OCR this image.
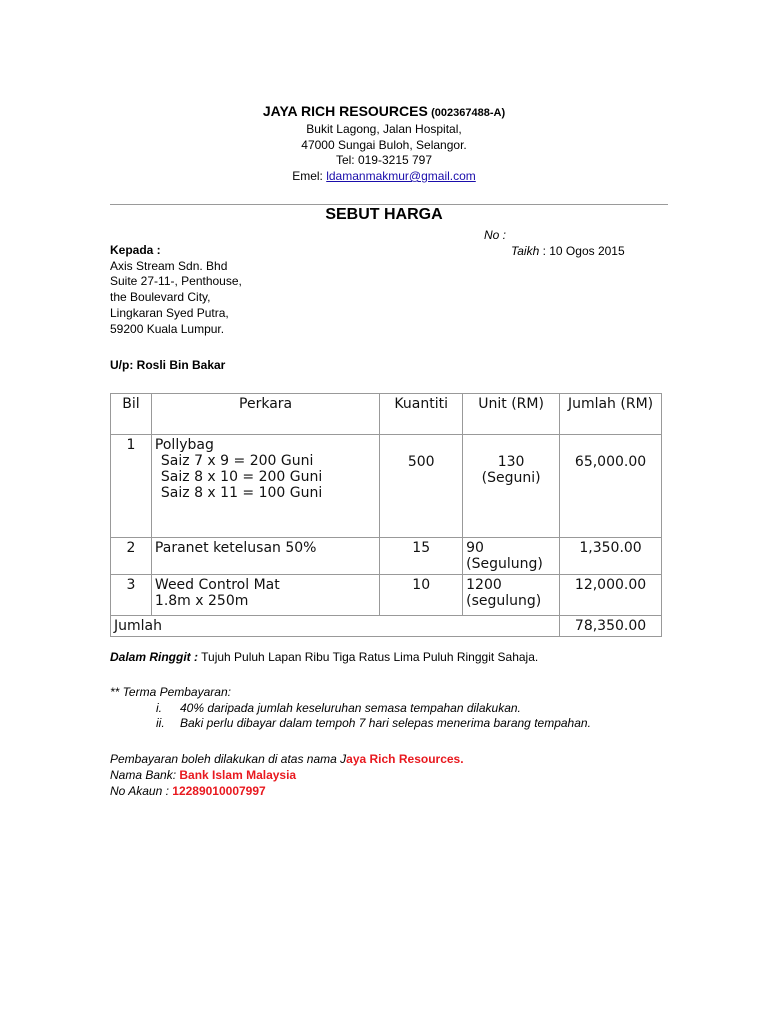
JAYA RICH RESOURCES (002367488-A)
Bukit Lagong, Jalan Hospital,
47000 Sungai Buloh, Selangor.
Tel: 019-3215 797
Emel: ldamanmakmur@gmail.com
SEBUT HARGA
No :
Taikh : 10 Ogos 2015
Kepada :
Axis Stream Sdn. Bhd
Suite 27-11-, Penthouse,
the Boulevard City,
Lingkaran Syed Putra,
59200 Kuala Lumpur.
U/p: Rosli Bin Bakar
Bil	Perkara	Kuantiti	Unit (RM)	Jumlah (RM)
1	Pollybag
Saiz 7 x 9 = 200 Guni
Saiz 8 x 10 = 200 Guni
Saiz 8 x 11 = 100 Guni	500	130 (Seguni)	65,000.00
2	Paranet ketelusan 50%	15	90 (Segulung)	1,350.00
3	Weed Control Mat
1.8m x 250m	10	1200 (segulung)	12,000.00
Jumlah				78,350.00
Dalam Ringgit : Tujuh Puluh Lapan Ribu Tiga Ratus Lima Puluh Ringgit Sahaja.
** Terma Pembayaran:
i. 40% daripada jumlah keseluruhan semasa tempahan dilakukan.
ii. Baki perlu dibayar dalam tempoh 7 hari selepas menerima barang tempahan.
Pembayaran boleh dilakukan di atas nama Jaya Rich Resources.
Nama Bank: Bank Islam Malaysia
No Akaun : 12289010007997
